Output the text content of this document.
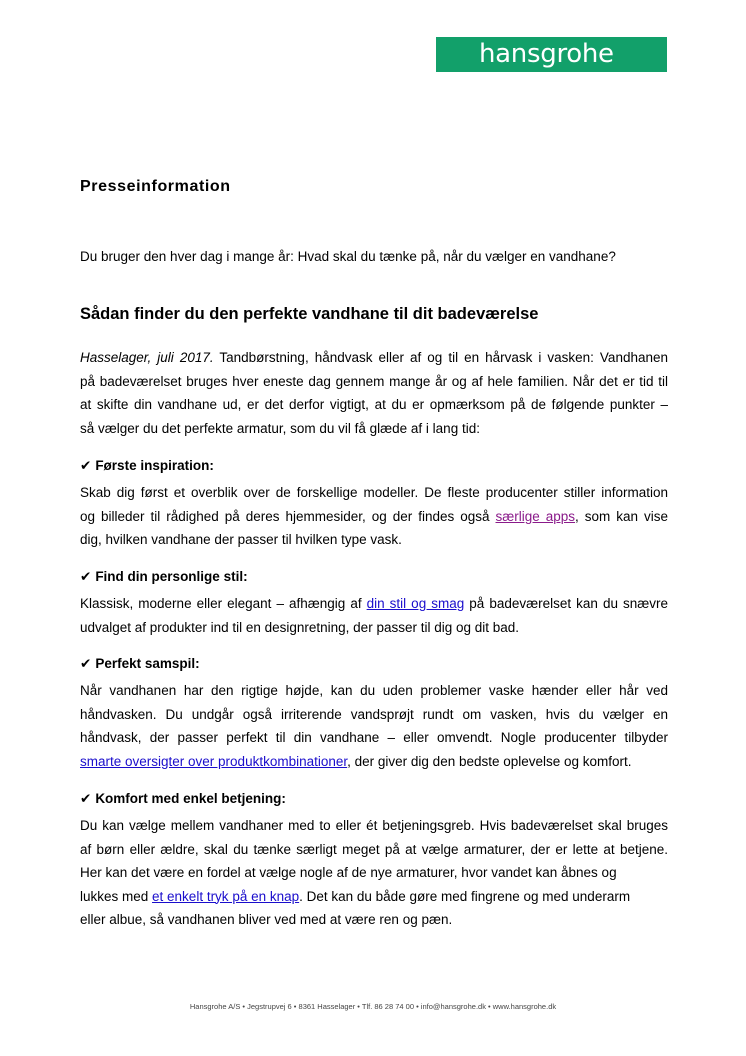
hansgrohe
Presseinformation
Du bruger den hver dag i mange år: Hvad skal du tænke på, når du vælger en vandhane?
Sådan finder du den perfekte vandhane til dit badeværelse
Hasselager, juli 2017. Tandbørstning, håndvask eller af og til en hårvask i vasken: Vandhanen
på badeværelset bruges hver eneste dag gennem mange år og af hele familien. Når det er tid til
at skifte din vandhane ud, er det derfor vigtigt, at du er opmærksom på de følgende punkter –
så vælger du det perfekte armatur, som du vil få glæde af i lang tid:
✔ Første inspiration:
Skab dig først et overblik over de forskellige modeller. De fleste producenter stiller information
og billeder til rådighed på deres hjemmesider, og der findes også særlige apps, som kan vise
dig, hvilken vandhane der passer til hvilken type vask.
✔ Find din personlige stil:
Klassisk, moderne eller elegant – afhængig af din stil og smag på badeværelset kan du snævre
udvalget af produkter ind til en designretning, der passer til dig og dit bad.
✔ Perfekt samspil:
Når vandhanen har den rigtige højde, kan du uden problemer vaske hænder eller hår ved
håndvasken. Du undgår også irriterende vandsprøjt rundt om vasken, hvis du vælger en
håndvask, der passer perfekt til din vandhane – eller omvendt. Nogle producenter tilbyder
smarte oversigter over produktkombinationer, der giver dig den bedste oplevelse og komfort.
✔ Komfort med enkel betjening:
Du kan vælge mellem vandhaner med to eller ét betjeningsgreb. Hvis badeværelset skal bruges
af børn eller ældre, skal du tænke særligt meget på at vælge armaturer, der er lette at betjene.
Her kan det være en fordel at vælge nogle af de nye armaturer, hvor vandet kan åbnes og
lukkes med et enkelt tryk på en knap. Det kan du både gøre med fingrene og med underarm
eller albue, så vandhanen bliver ved med at være ren og pæn.
Hansgrohe A/S • Jegstrupvej 6 • 8361 Hasselager • Tlf. 86 28 74 00 • info@hansgrohe.dk • www.hansgrohe.dk
